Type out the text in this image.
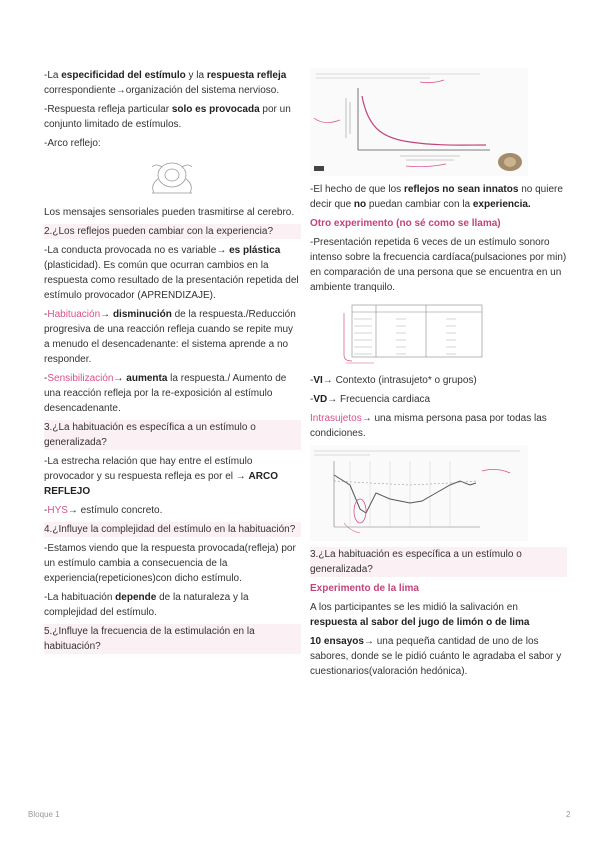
-La especificidad del estímulo y la respuesta refleja correspondiente→organización del sistema nervioso.

-Respuesta refleja particular solo es provocada por un conjunto limitado de estímulos.

-Arco reflejo:

Los mensajes sensoriales pueden trasmitirse al cerebro.

2.¿Los reflejos pueden cambiar con la experiencia?

-La conducta provocada no es variable→ es plástica (plasticidad). Es común que ocurran cambios en la respuesta como resultado de la presentación repetida del estímulo provocador (APRENDIZAJE).

-Habituación→ disminución de la respuesta./Reducción progresiva de una reacción refleja cuando se repite muy a menudo el desencadenante: el sistema aprende a no responder.

-Sensibilización→ aumenta la respuesta./ Aumento de una reacción refleja por la re-exposición al estímulo desencadenante.

3.¿La habituación es específica a un estímulo o generalizada?

-La estrecha relación que hay entre el estímulo provocador y su respuesta refleja es por el → ARCO REFLEJO

-HYS→ estímulo concreto.

4.¿Influye la complejidad del estímulo en la habituación?

-Estamos viendo que la respuesta provocada(refleja) por un estímulo cambia a consecuencia de la experiencia(repeticiones)con dicho estímulo.

-La habituación depende de la naturaleza y la complejidad del estímulo.

5.¿Influye la frecuencia de la estimulación en la habituación?

-El hecho de que los reflejos no sean innatos no quiere decir que no puedan cambiar con la experiencia.

Otro experimento (no sé como se llama)

-Presentación repetida 6 veces de un estímulo sonoro intenso sobre la frecuencia cardíaca(pulsaciones por min) en comparación de una persona que se encuentra en un ambiente tranquilo.

-VI→ Contexto (intrasujeto* o grupos)

-VD→ Frecuencia cardiaca

Intrasujetos→ una misma persona pasa por todas las condiciones.

3.¿La habituación es específica a un estímulo o generalizada?

Experimento de la lima

A los participantes se les midió la salivación en respuesta al sabor del jugo de limón o de lima

10 ensayos→ una pequeña cantidad de uno de los sabores, donde se le pidió cuánto le agradaba el sabor y cuestionarios(valoración hedónica).

Bloque 1	2
